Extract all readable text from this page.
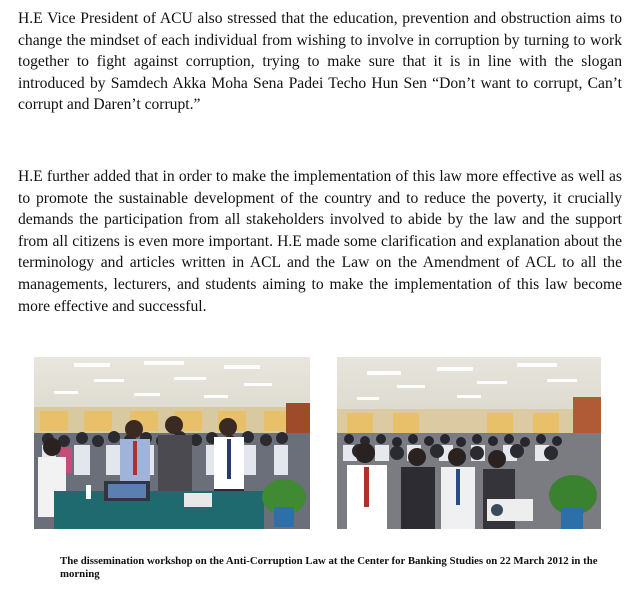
H.E Vice President of ACU also stressed that the education, prevention and obstruction aims to change the mindset of each individual from wishing to involve in corruption by turning to work together to fight against corruption, trying to make sure that it is in line with the slogan introduced by Samdech Akka Moha Sena Padei Techo Hun Sen “Don’t want to corrupt, Can’t corrupt and Daren’t corrupt.”

H.E further added that in order to make the implementation of this law more effective as well as to promote the sustainable development of the country and to reduce the poverty, it crucially demands the participation from all stakeholders involved to abide by the law and the support from all citizens is even more important. H.E made some clarification and explanation about the terminology and articles written in ACL and the Law on the Amendment of ACL to all the managements, lecturers, and students aiming to make the implementation of this law become more effective and successful.

The dissemination workshop on the Anti-Corruption Law at the Center for Banking Studies on 22 March 2012 in the morning
